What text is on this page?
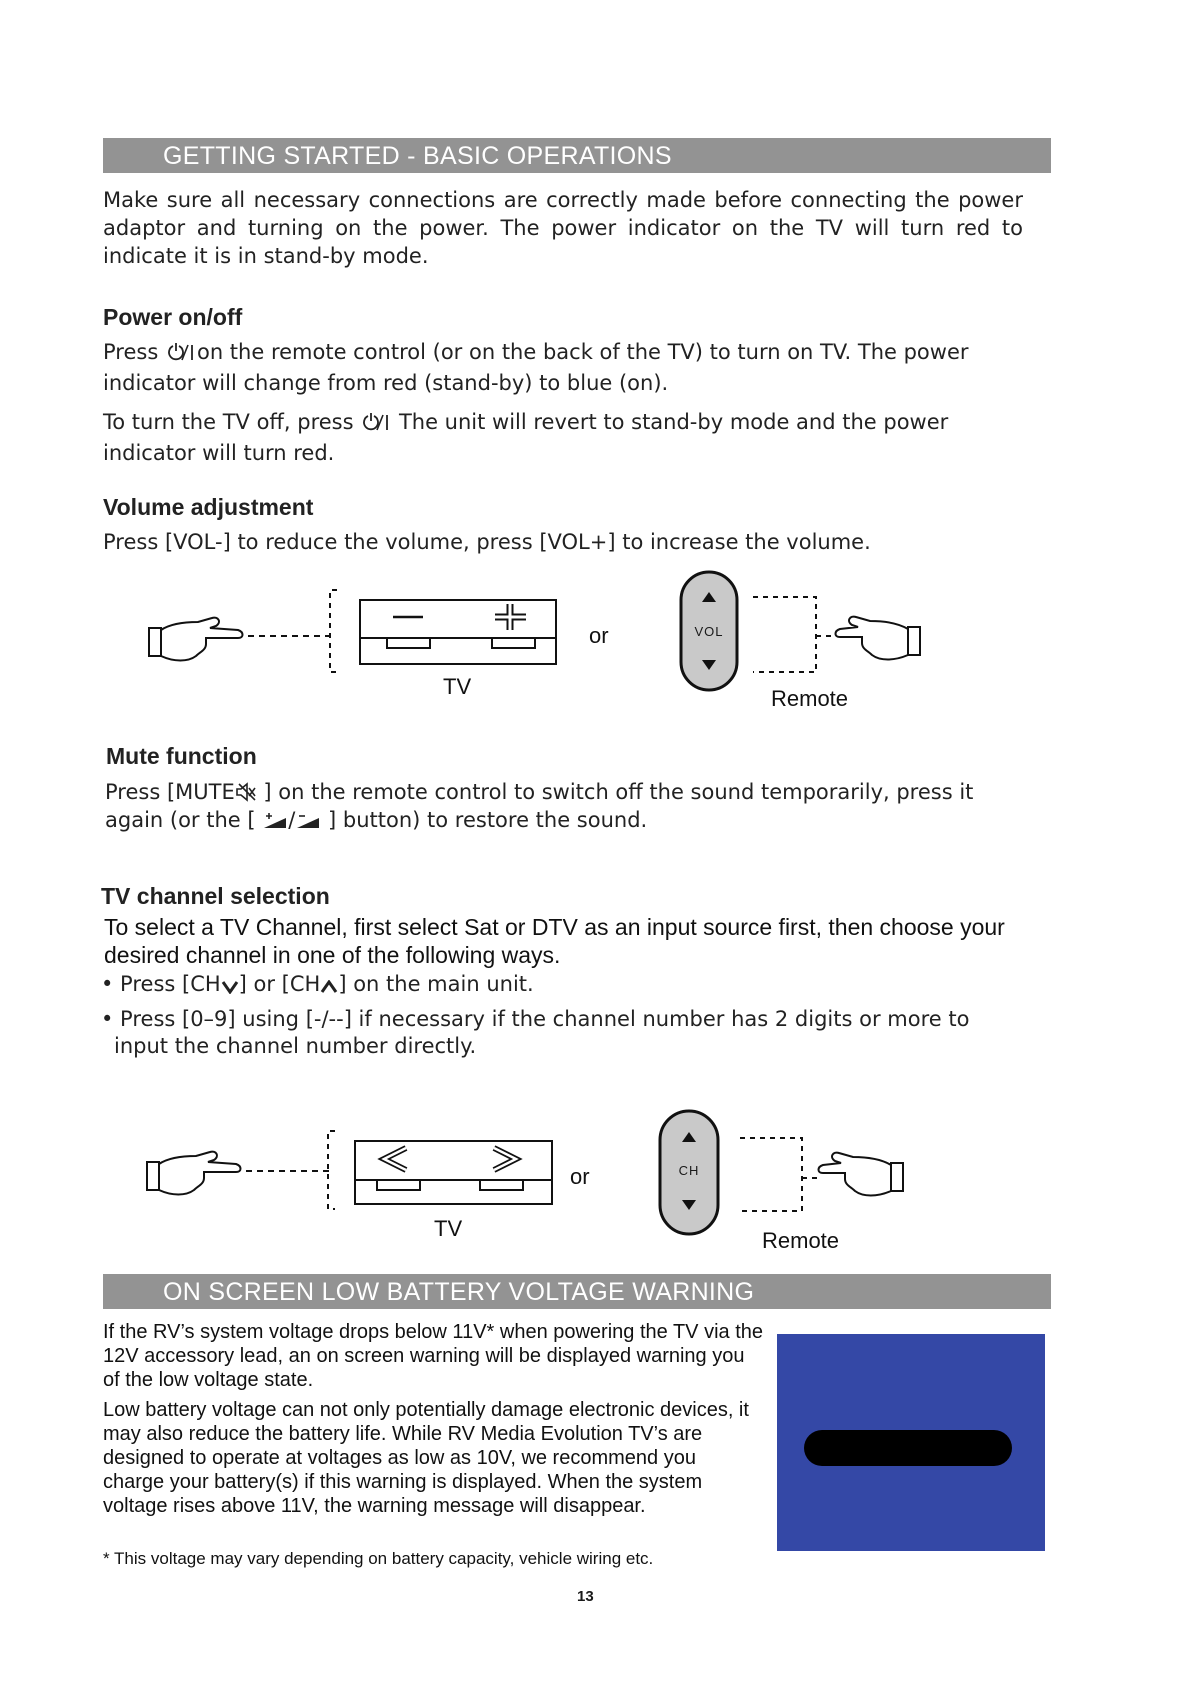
GETTING STARTED - BASIC OPERATIONS
Make sure all necessary connections are correctly made before connecting the power adaptor and turning on the power. The power indicator on the TV will turn red to indicate it is in stand-by mode.
Power on/off
Press on the remote control (or on the back of the TV) to turn on TV. The power indicator will change from red (stand-by) to blue (on).
To turn the TV off, press The unit will revert to stand-by mode and the power indicator will turn red.
Volume adjustment
Press [VOL-] to reduce the volume, press [VOL+] to increase the volume.
or
TV	Remote
VOL
Mute function
Press [MUTE ] on the remote control to switch off the sound temporarily, press it
again (or the [ / ] button) to restore the sound.
TV channel selection
To select a TV Channel, first select Sat or DTV as an input source first, then choose your desired channel in one of the following ways.
• Press [CH ] or [CH ] on the main unit.
• Press [0–9] using [-/--] if necessary if the channel number has 2 digits or more to
input the channel number directly.
or
TV	Remote
CH
ON SCREEN LOW BATTERY VOLTAGE WARNING
If the RV’s system voltage drops below 11V* when powering the TV via the 12V accessory lead, an on screen warning will be displayed warning you of the low voltage state.
Low battery voltage can not only potentially damage electronic devices, it may also reduce the battery life. While RV Media Evolution TV’s are designed to operate at voltages as low as 10V, we recommend you charge your battery(s) if this warning is displayed. When the system voltage rises above 11V, the warning message will disappear.
* This voltage may vary depending on battery capacity, vehicle wiring etc.
13
